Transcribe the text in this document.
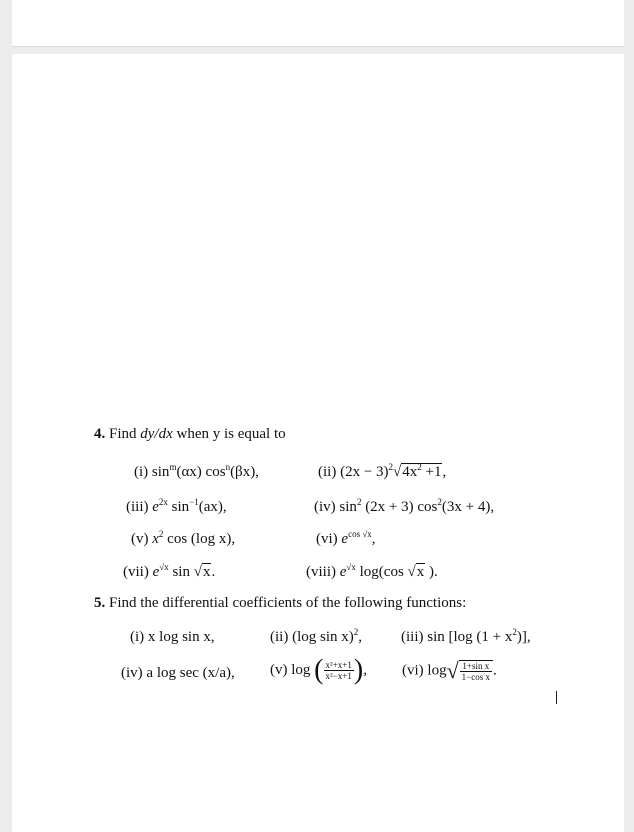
4. Find dy/dx when y is equal to
(i) $\sin^m(\alpha x)$ $\cos^n(\beta x)$,	(ii) $(2x - 3)^2√4x^2 +1$,
(iii) $e^{2x}$ $\sin^{-1}(ax)$,	(iv) $\sin^2 (2x + 3) \cos^2(3x + 4)$,
(v) $x^2$ cos (log x),	(vi) $e^{cos √x}$,
(vii) $e^{√x}$ sin √x.	(viii) $e^{√x}$ log(cos √x ).
5. Find the differential coefficients of the following functions:
(i) x log sin x,	(ii) (log sin x)$^2$,	(iii) sin [log $(1 + x^2)$],
(iv) a log sec (x/a), (v) log ( $\frac{\text{x²+x+1}}{\text{x²−x+1}}$ ), (vi) $\log√ \frac{\text{1+sin x}}{\text{1−cos x}}$ .
